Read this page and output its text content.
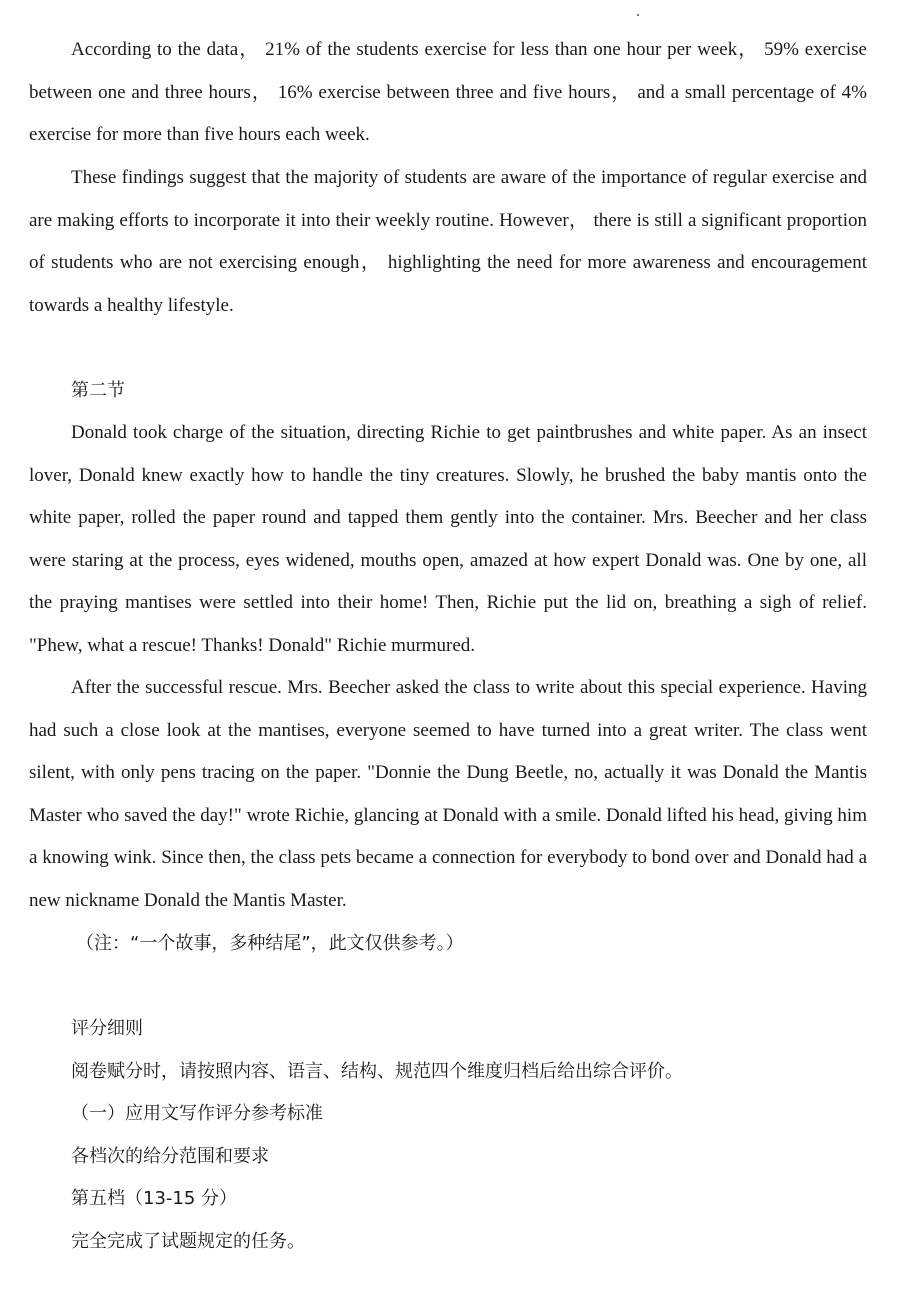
According to the data， 21% of the students exercise for less than one hour per week， 59% exercise between one and three hours， 16% exercise between three and five hours， and a small percentage of 4% exercise for more than five hours each week.

These findings suggest that the majority of students are aware of the importance of regular exercise and are making efforts to incorporate it into their weekly routine. However， there is still a significant proportion of students who are not exercising enough， highlighting the need for more awareness and encouragement towards a healthy lifestyle.

第二节

Donald took charge of the situation, directing Richie to get paintbrushes and white paper. As an insect lover, Donald knew exactly how to handle the tiny creatures. Slowly, he brushed the baby mantis onto the white paper, rolled the paper round and tapped them gently into the container. Mrs. Beecher and her class were staring at the process, eyes widened, mouths open, amazed at how expert Donald was. One by one, all the praying mantises were settled into their home! Then, Richie put the lid on, breathing a sigh of relief. "Phew, what a rescue! Thanks! Donald" Richie murmured.

After the successful rescue. Mrs. Beecher asked the class to write about this special experience. Having had such a close look at the mantises, everyone seemed to have turned into a great writer. The class went silent, with only pens tracing on the paper. "Donnie the Dung Beetle, no, actually it was Donald the Mantis Master who saved the day!" wrote Richie, glancing at Donald with a smile. Donald lifted his head, giving him a knowing wink. Since then, the class pets became a connection for everybody to bond over and Donald had a new nickname Donald the Mantis Master.

（注：“一个故事，多种结尾”，此文仅供参考。）

评分细则

阅卷赋分时，请按照内容、语言、结构、规范四个维度归档后给出综合评价。

（一）应用文写作评分参考标准

各档次的给分范围和要求

第五档（13-15 分）

完全完成了试题规定的任务。
